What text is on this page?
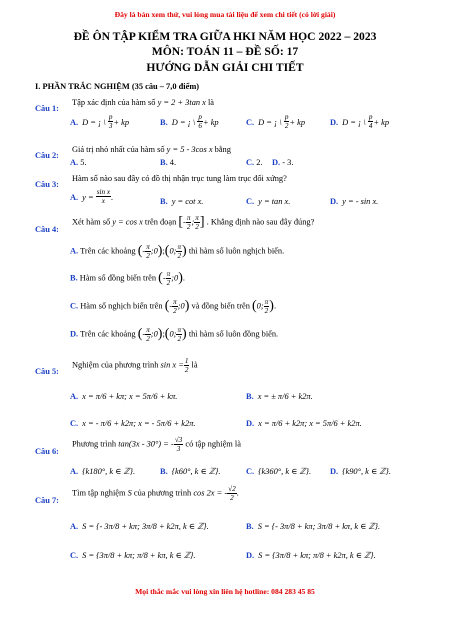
Đây là bản xem thử, vui lòng mua tài liệu để xem chi tiết (có lời giải)
ĐỀ ÔN TẬP KIỂM TRA GIỮA HKI NĂM HỌC 2022 – 2023
MÔN: TOÁN 11 – ĐỀ SỐ: 17
HƯỚNG DẪN GIẢI CHI TIẾT
I. PHẦN TRẮC NGHIỆM (35 câu – 7,0 điểm)
Câu 1:
Tập xác định của hàm số y = 2 + 3tan x là
A. D = ¡ \ $\frac{p}{3}$ + kp	B. D = ¡ \ $\frac{p}{6}$ + kp	C. D = ¡ \ $\frac{p}{2}$ + kp	D. D = ¡ \ $\frac{p}{4}$ + kp
Câu 2:
Giá trị nhỏ nhất của hàm số y = 5 - 3cos x bằng
A. 5.	B. 4.	C. 2. D. - 3.
Câu 3:
Hàm số nào sau đây có đồ thị nhận trục tung làm trục đối xứng?
A. $y = \frac{\text{sin x}}{x}$ .	B. y = cot x.	C. y = tan x.	D. y = - sin x.
Câu 4:
Xét hàm số y = cos x trên đoạn [- $\frac{\pi}{2}$ ; $\frac{\pi}{2}$ ] . Khẳng định nào sau đây đúng?
A. Trên các khoảng (- $\frac{\pi}{2}$ ;0);(0; $\frac{\pi}{2}$ ) thì hàm số luôn nghịch biến.
B. Hàm số đồng biến trên (- $\frac{\pi}{2}$ ;0).
C. Hàm số nghịch biến trên (- $\frac{\pi}{2}$ ;0) và đồng biến trên (0; $\frac{\pi}{2}$ ).
D. Trên các khoảng (- $\frac{\pi}{2}$ ;0);(0; $\frac{\pi}{2}$ ) thì hàm số luôn đồng biến.
Câu 5:
Nghiệm của phương trình $\sin x = \frac{1}{2}$ là
A. x = π/6 + kπ; x = 5π/6 + kπ.	B. x = ± π/6 + k2π.
C. x = - π/6 + k2π; x = - 5π/6 + k2π.	D. x = π/6 + k2π; x = 5π/6 + k2π.
Câu 6:
Phương trình tan(3x - 30°) = - $\frac{√3}{3}$ có tập nghiệm là
A. {k180°, k ∈ ℤ}.	B. {k60°, k ∈ ℤ}.	C. {k360°, k ∈ ℤ}. D. {k90°, k ∈ ℤ}.
Câu 7:
Tìm tập nghiệm S của phương trình cos 2x = - $\frac{√2}{2}$ .
A. S = {- 3π/8 + kπ; 3π/8 + k2π, k ∈ ℤ}.	B. S = {- 3π/8 + kπ; 3π/8 + kπ, k ∈ ℤ}.
C. S = {3π/8 + kπ; π/8 + kπ, k ∈ ℤ}.	D. S = {3π/8 + kπ; π/8 + k2π, k ∈ ℤ}.
Mọi thắc mắc vui lòng xin liên hệ hotline: 084 283 45 85
